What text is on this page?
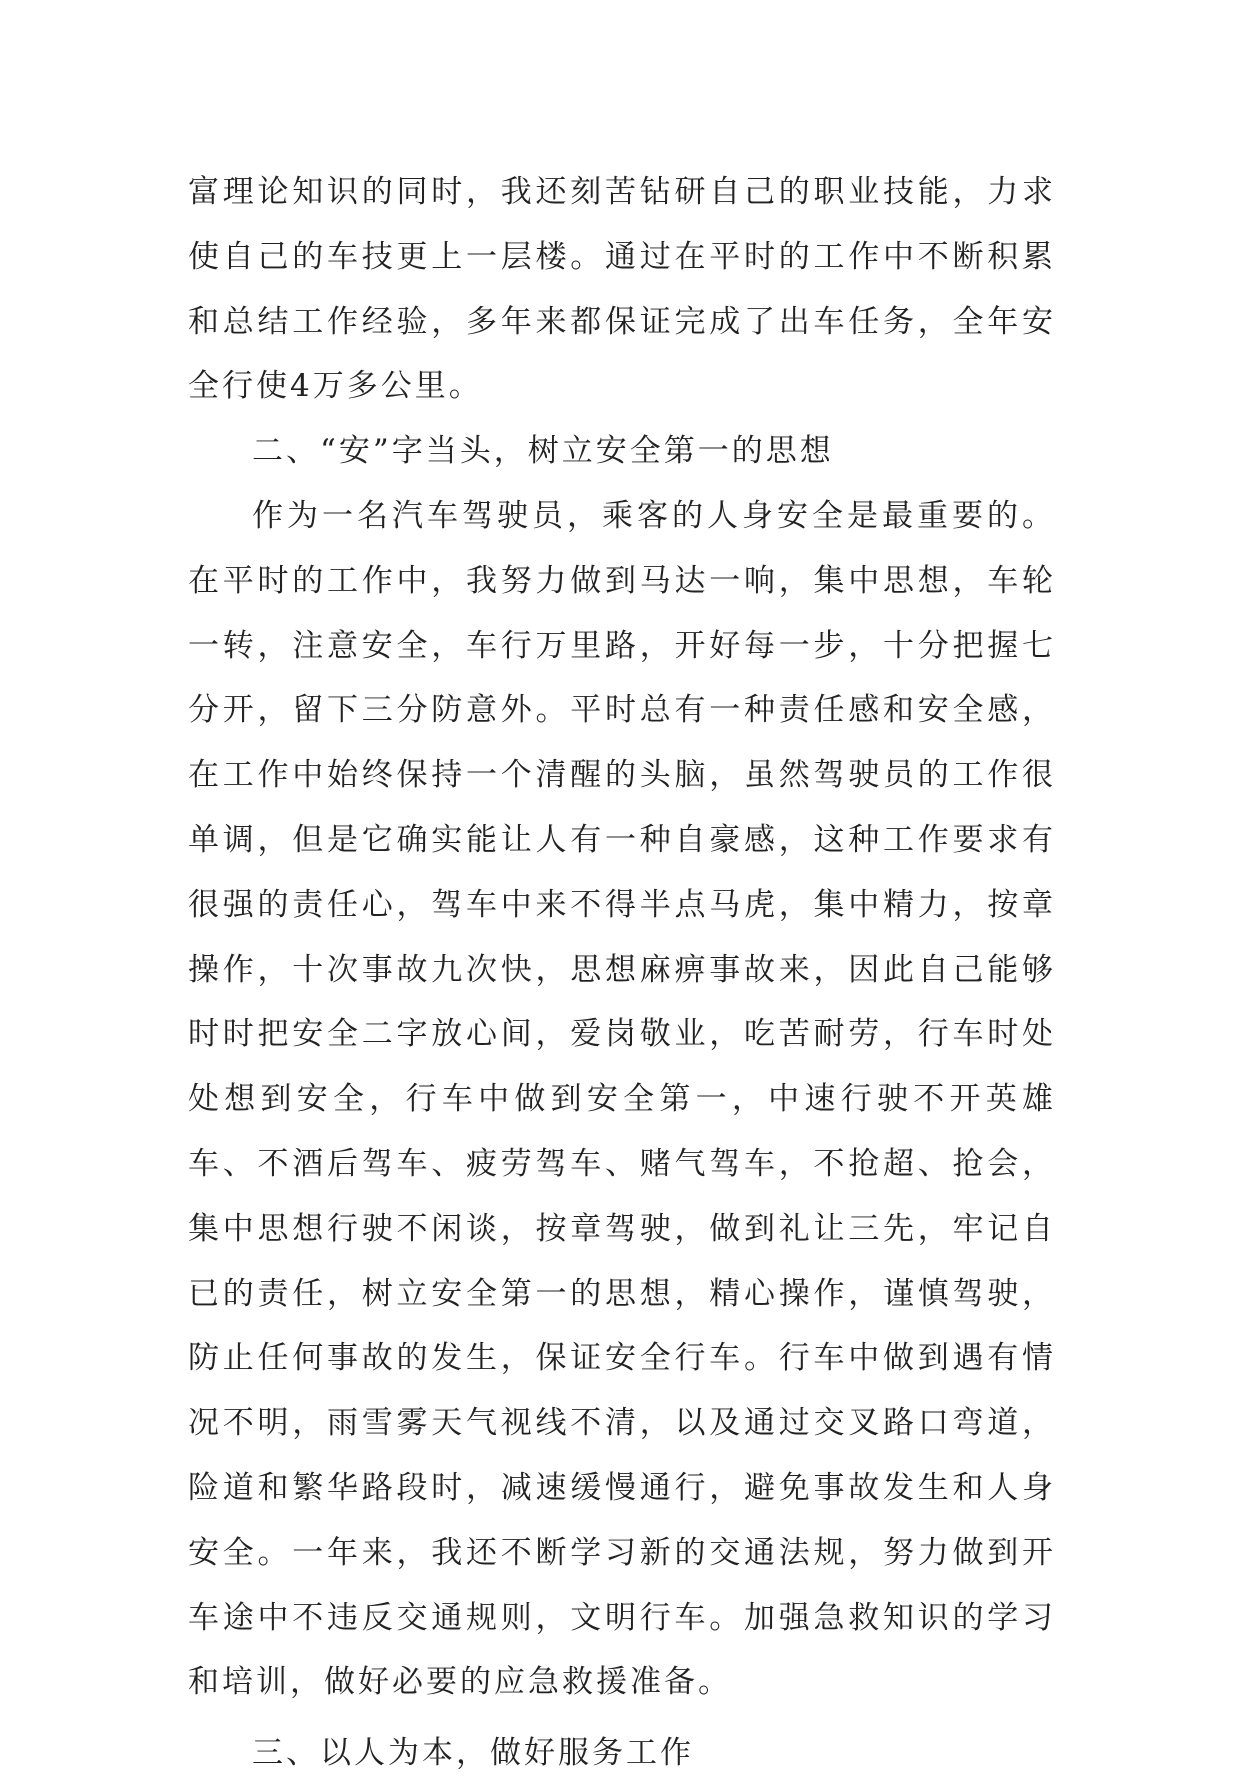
富理论知识的同时，我还刻苦钻研自己的职业技能，力求使自己的车技更上一层楼。通过在平时的工作中不断积累和总结工作经验，多年来都保证完成了出车任务，全年安全行使4万多公里。

二、“安”字当头，树立安全第一的思想

作为一名汽车驾驶员，乘客的人身安全是最重要的。在平时的工作中，我努力做到马达一响，集中思想，车轮一转，注意安全，车行万里路，开好每一步，十分把握七分开，留下三分防意外。平时总有一种责任感和安全感，在工作中始终保持一个清醒的头脑，虽然驾驶员的工作很单调，但是它确实能让人有一种自豪感，这种工作要求有很强的责任心，驾车中来不得半点马虎，集中精力，按章操作，十次事故九次快，思想麻痹事故来，因此自己能够时时把安全二字放心间，爱岗敬业，吃苦耐劳，行车时处处想到安全，行车中做到安全第一，中速行驶不开英雄车、不酒后驾车、疲劳驾车、赌气驾车，不抢超、抢会，集中思想行驶不闲谈，按章驾驶，做到礼让三先，牢记自已的责任，树立安全第一的思想，精心操作，谨慎驾驶，防止任何事故的发生，保证安全行车。行车中做到遇有情况不明，雨雪雾天气视线不清，以及通过交叉路口弯道，险道和繁华路段时，减速缓慢通行，避免事故发生和人身安全。一年来，我还不断学习新的交通法规，努力做到开车途中不违反交通规则，文明行车。加强急救知识的学习和培训，做好必要的应急救援准备。

三、以人为本，做好服务工作
